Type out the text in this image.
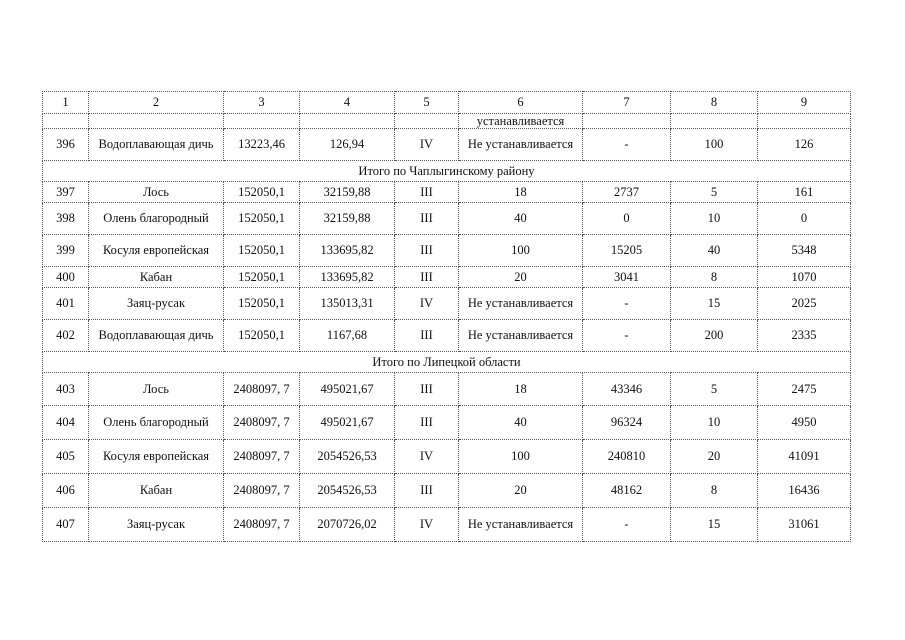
1	2	3	4	5	6	7	8	9
					устанавливается			
396	Водоплавающая дичь	13223,46	126,94	IV	Не устанавливается	-	100	126
Итого по Чаплыгинскому району								
397	Лось	152050,1	32159,88	III	18	2737	5	161
398	Олень благородный	152050,1	32159,88	III	40	0	10	0
399	Косуля европейская	152050,1	133695,82	III	100	15205	40	5348
400	Кабан	152050,1	133695,82	III	20	3041	8	1070
401	Заяц-русак	152050,1	135013,31	IV	Не устанавливается	-	15	2025
402	Водоплавающая дичь	152050,1	1167,68	III	Не устанавливается	-	200	2335
Итого по Липецкой области								
403	Лось	2408097, 7	495021,67	III	18	43346	5	2475
404	Олень благородный	2408097, 7	495021,67	III	40	96324	10	4950
405	Косуля европейская	2408097, 7	2054526,53	IV	100	240810	20	41091
406	Кабан	2408097, 7	2054526,53	III	20	48162	8	16436
407	Заяц-русак	2408097, 7	2070726,02	IV	Не устанавливается	-	15	31061
